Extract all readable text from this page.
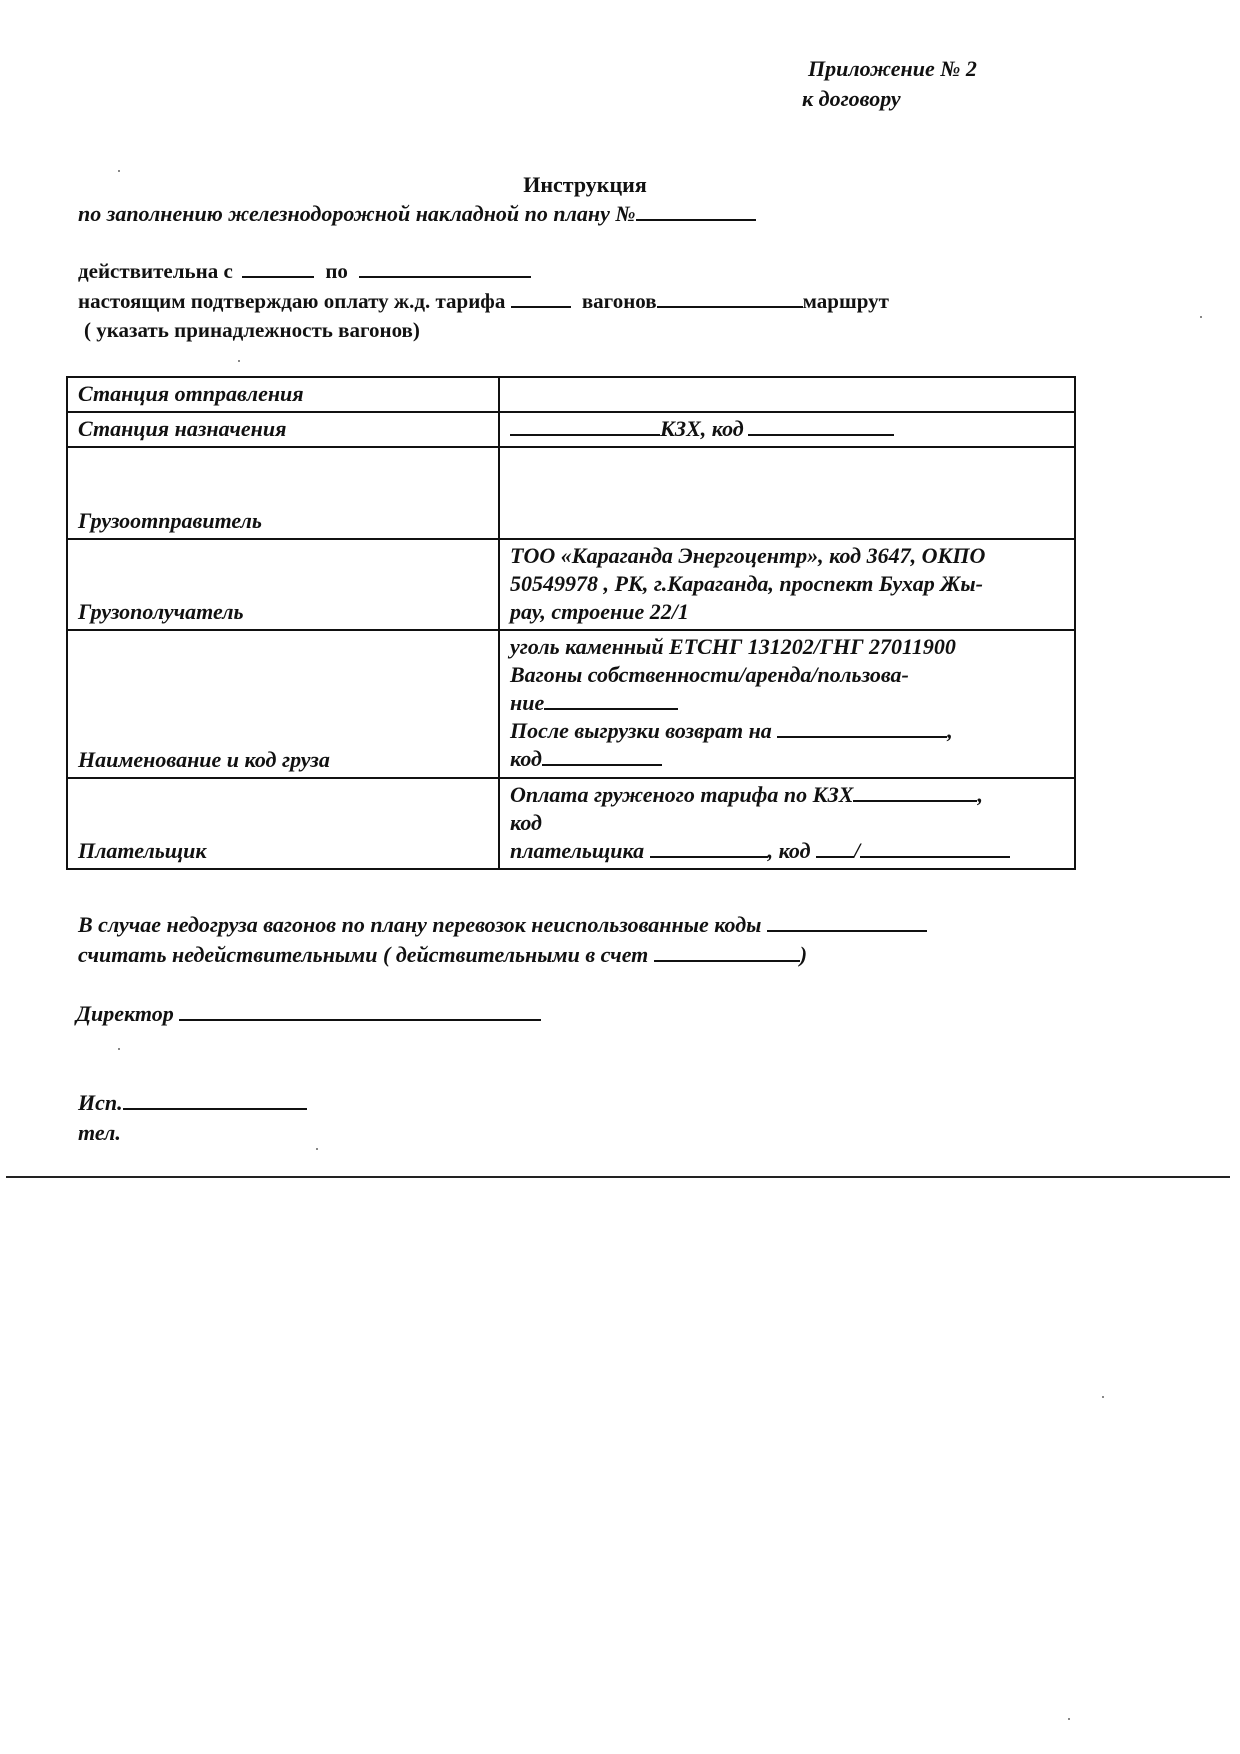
Приложение № 2
к договору
Инструкция
по заполнению железнодорожной накладной по плану №
действительна с	по
настоящим подтверждаю оплату ж.д. тарифа	вагонов	маршрут
( указать принадлежность вагонов)
Станция отправления	
Станция назначения	КЗХ, код
Грузоотправитель	
Грузополучатель	ТОО «Караганда Энергоцентр», код 3647, ОКПО
50549978 , РК, г.Караганда, проспект Бухар Жы-
рау, строение 22/1

Наименование и код груза	уголь каменный ЕТСНГ 131202/ГНГ 27011900
Вагоны собственности/аренда/пользова-
ние
После выгрузки возврат на ,
код

Плательщик	Оплата груженого тарифа по КЗХ ,
код
плательщика , код /
В случае недогруза вагонов по плану перевозок неиспользованные коды
считать недействительными ( действительными в счет	)
Директор
Исп.
тел.
